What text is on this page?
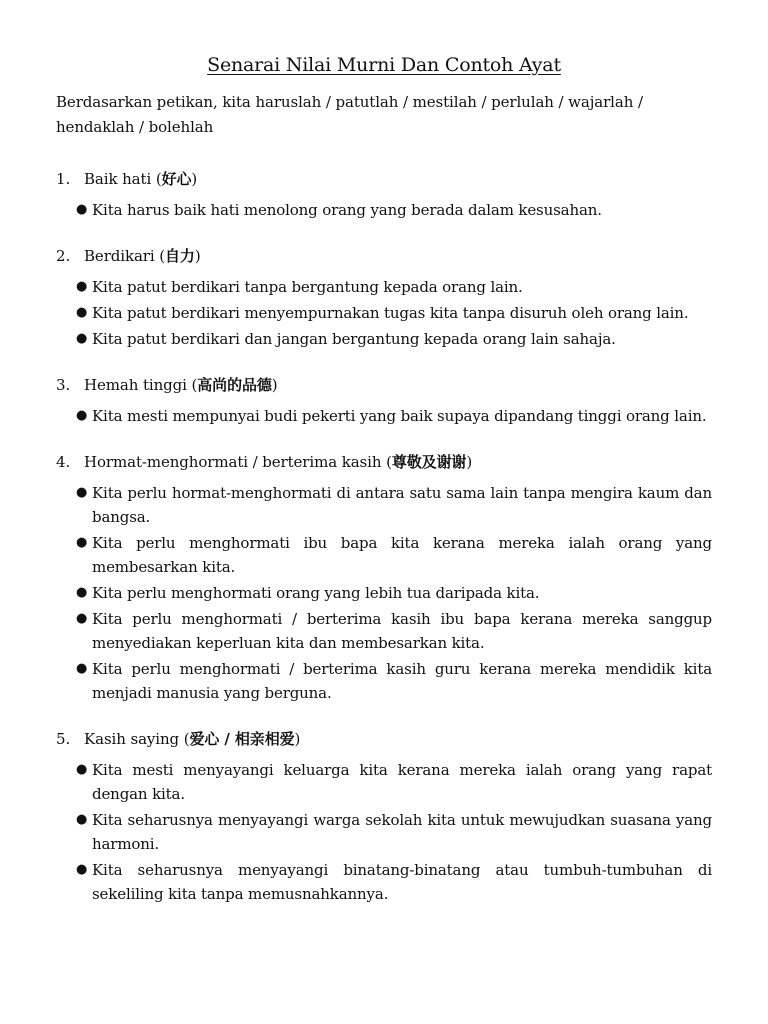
Senarai Nilai Murni Dan Contoh Ayat

Berdasarkan petikan, kita haruslah / patutlah / mestilah / perlulah / wajarlah / hendaklah / bolehlah

1. Baik hati (好心)
● Kita harus baik hati menolong orang yang berada dalam kesusahan.
2. Berdikari (自力)
● Kita patut berdikari tanpa bergantung kepada orang lain.
● Kita patut berdikari menyempurnakan tugas kita tanpa disuruh oleh orang lain.
● Kita patut berdikari dan jangan bergantung kepada orang lain sahaja.
3. Hemah tinggi (高尚的品德)
● Kita mesti mempunyai budi pekerti yang baik supaya dipandang tinggi orang lain.
4. Hormat-menghormati / berterima kasih (尊敬及谢谢)
● Kita perlu hormat-menghormati di antara satu sama lain tanpa mengira kaum dan bangsa.
● Kita perlu menghormati ibu bapa kita kerana mereka ialah orang yang membesarkan kita.
● Kita perlu menghormati orang yang lebih tua daripada kita.
● Kita perlu menghormati / berterima kasih ibu bapa kerana mereka sanggup menyediakan keperluan kita dan membesarkan kita.
● Kita perlu menghormati / berterima kasih guru kerana mereka mendidik kita menjadi manusia yang berguna.
5. Kasih saying (爱心 / 相亲相爱)
● Kita mesti menyayangi keluarga kita kerana mereka ialah orang yang rapat dengan kita.
● Kita seharusnya menyayangi warga sekolah kita untuk mewujudkan suasana yang harmoni.
● Kita seharusnya menyayangi binatang-binatang atau tumbuh-tumbuhan di sekeliling kita tanpa memusnahkannya.
